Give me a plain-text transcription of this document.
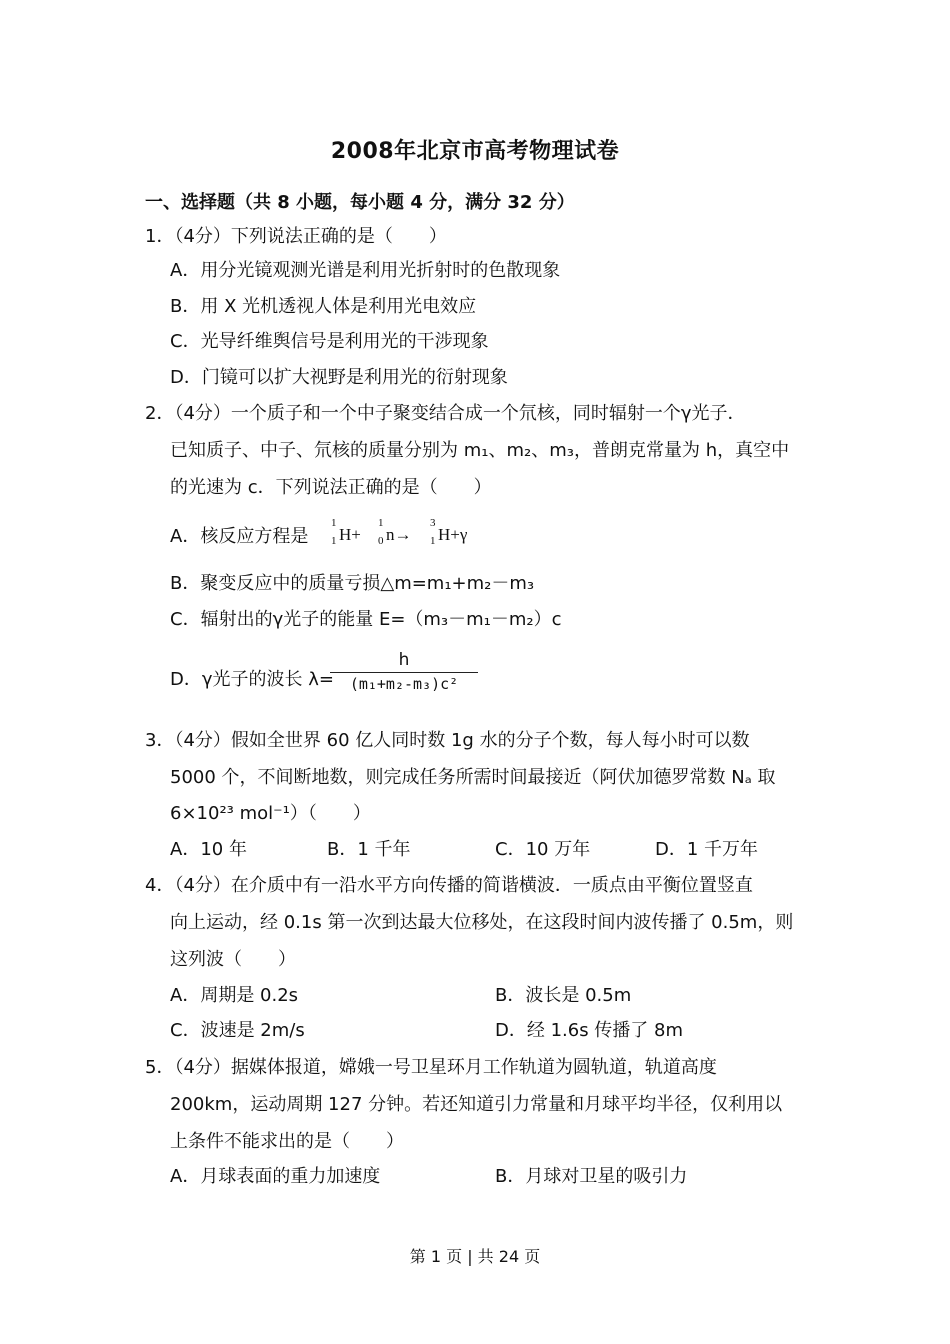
2008年北京市高考物理试卷
一、选择题（共 8 小题，每小题 4 分，满分 32 分）
1．（4分）下列说法正确的是（　　）
A．用分光镜观测光谱是利用光折射时的色散现象
B．用 X 光机透视人体是利用光电效应
C．光导纤维舆信号是利用光的干涉现象
D．门镜可以扩大视野是利用光的衍射现象
2．（4分）一个质子和一个中子聚变结合成一个氘核，同时辐射一个γ光子．
已知质子、中子、氘核的质量分别为 m₁、m₂、m₃，普朗克常量为 h，真空中
的光速为 c．下列说法正确的是（　　）
A．核反应方程是
1
1 H+
1
0 n→
3
1 H+γ
B．聚变反应中的质量亏损△m=m₁+m₂－m₃
C．辐射出的γ光子的能量 E=（m₃－m₁－m₂）c
D．γ光子的波长 λ=
h
(m₁+m₂-m₃)c²
3．（4分）假如全世界 60 亿人同时数 1g 水的分子个数，每人每小时可以数
5000 个，不间断地数，则完成任务所需时间最接近（阿伏加德罗常数 Nₐ 取
6×10²³ mol⁻¹）（　　）
A．10 年	B．1 千年	C．10 万年	D．1 千万年
4．（4分）在介质中有一沿水平方向传播的简谐横波．一质点由平衡位置竖直
向上运动，经 0.1s 第一次到达最大位移处，在这段时间内波传播了 0.5m，则
这列波（　　）
A．周期是 0.2s	B．波长是 0.5m
C．波速是 2m/s	D．经 1.6s 传播了 8m
5．（4分）据媒体报道，嫦娥一号卫星环月工作轨道为圆轨道，轨道高度
200km，运动周期 127 分钟。若还知道引力常量和月球平均半径，仅利用以
上条件不能求出的是（　　）
A．月球表面的重力加速度	B．月球对卫星的吸引力
第 1 页 | 共 24 页
